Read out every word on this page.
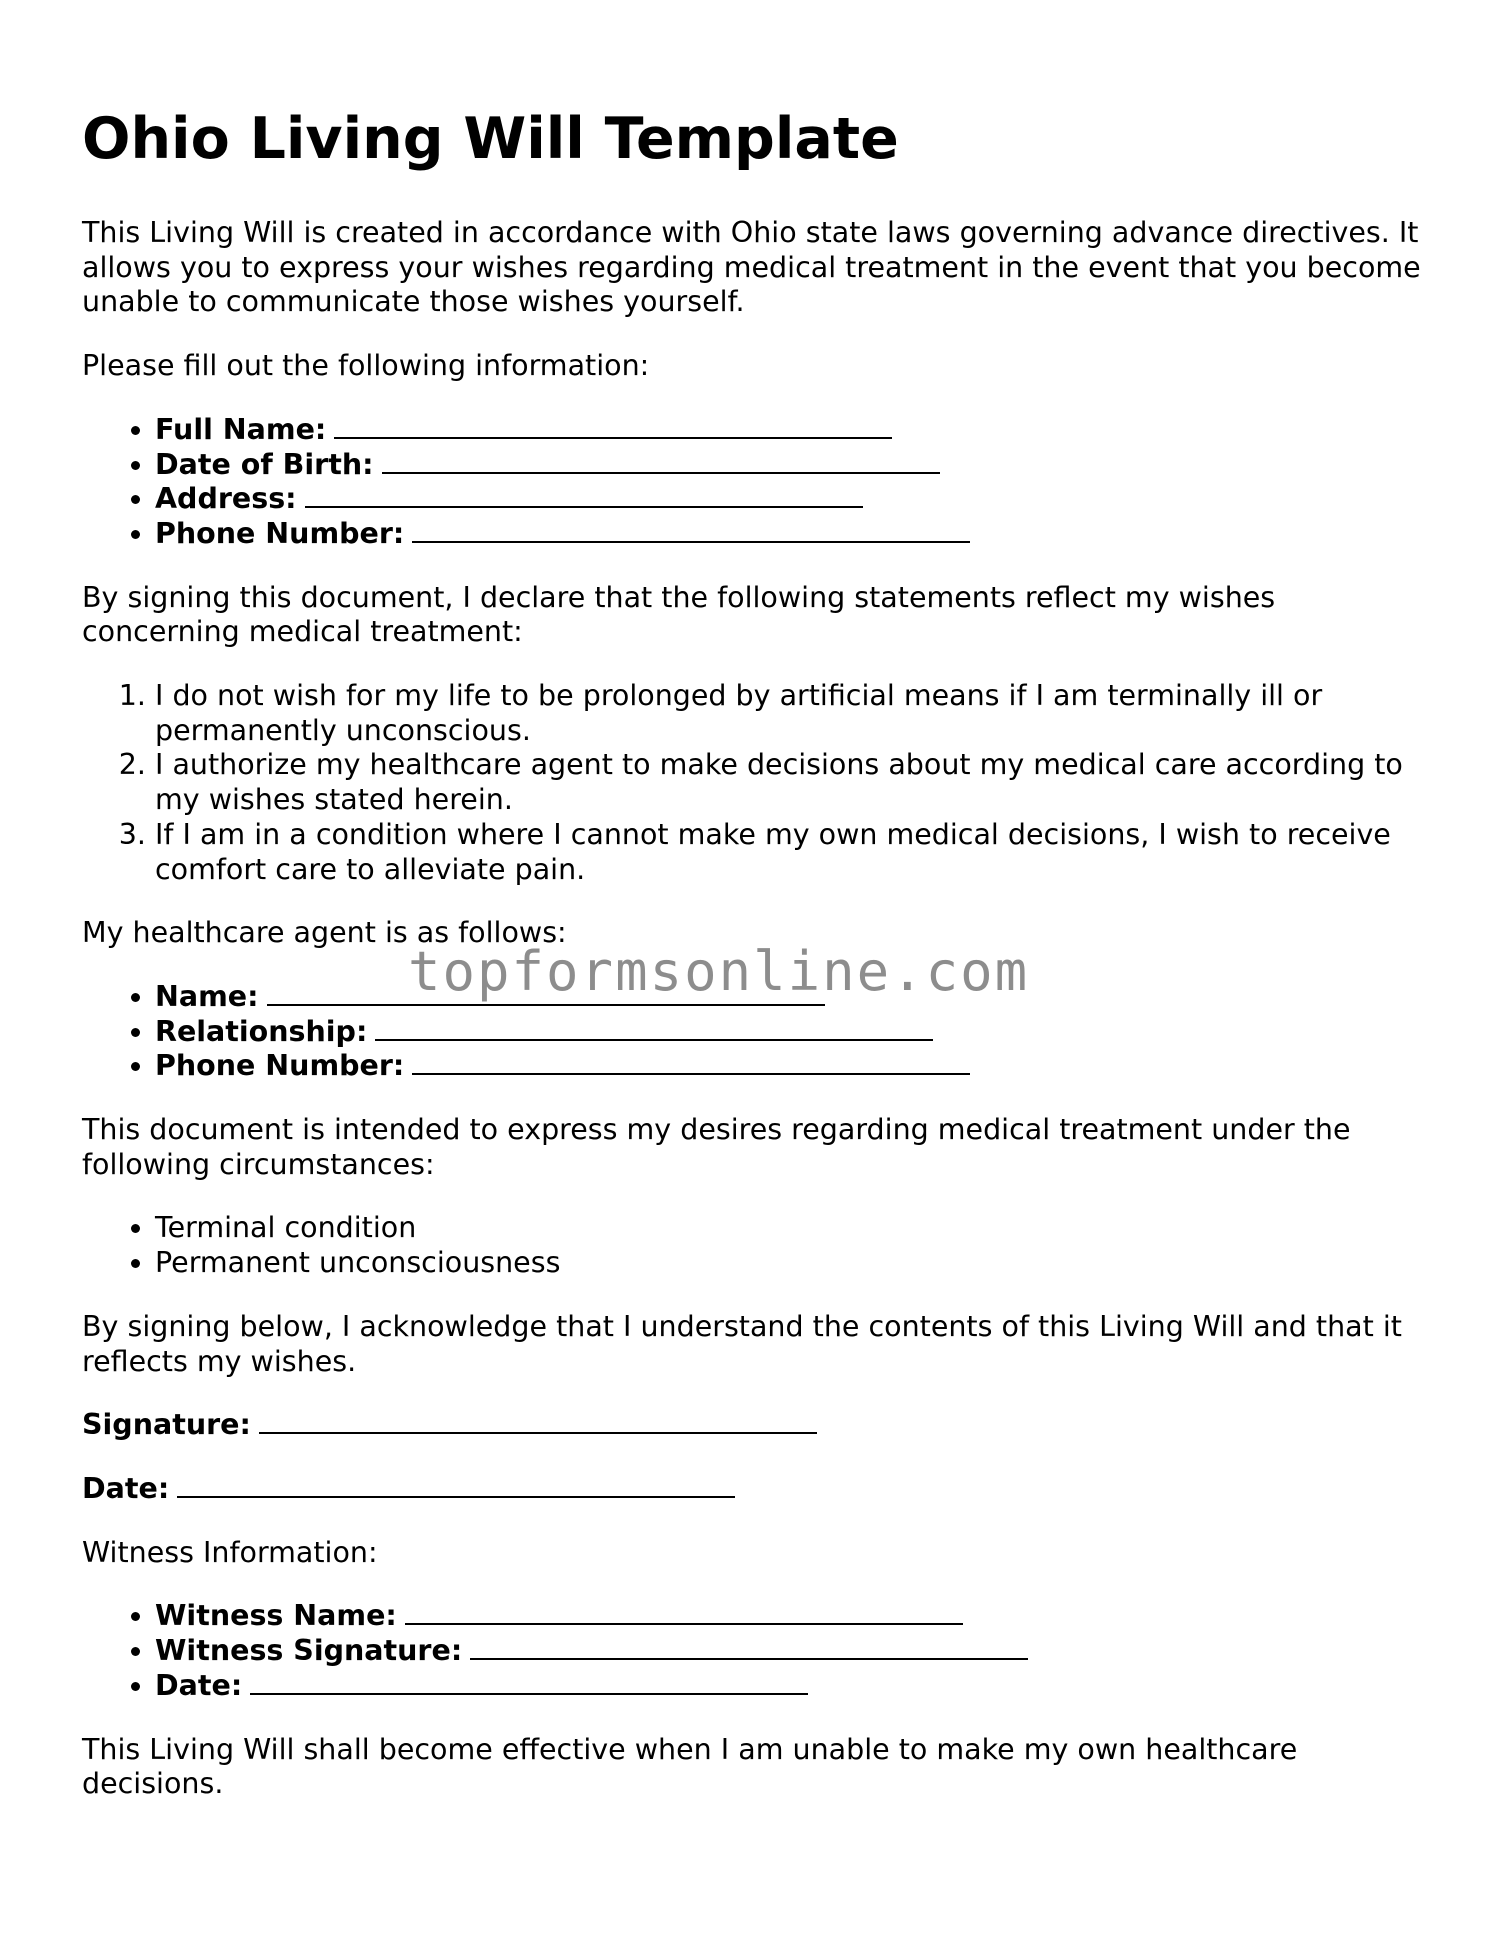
Ohio Living Will Template

This Living Will is created in accordance with Ohio state laws governing advance directives. It allows you to express your wishes regarding medical treatment in the event that you become unable to communicate those wishes yourself.

Please fill out the following information:

• Full Name:
• Date of Birth:
• Address:
• Phone Number:

By signing this document, I declare that the following statements reflect my wishes concerning medical treatment:

1. I do not wish for my life to be prolonged by artificial means if I am terminally ill or permanently unconscious.
2. I authorize my healthcare agent to make decisions about my medical care according to my wishes stated herein.
3. If I am in a condition where I cannot make my own medical decisions, I wish to receive comfort care to alleviate pain.

My healthcare agent is as follows:

• Name:
• Relationship:
• Phone Number:

This document is intended to express my desires regarding medical treatment under the following circumstances:

• Terminal condition
• Permanent unconsciousness

By signing below, I acknowledge that I understand the contents of this Living Will and that it reflects my wishes.

Signature:

Date:

Witness Information:

• Witness Name:
• Witness Signature:
• Date:

This Living Will shall become effective when I am unable to make my own healthcare decisions.

topformsonline.com
